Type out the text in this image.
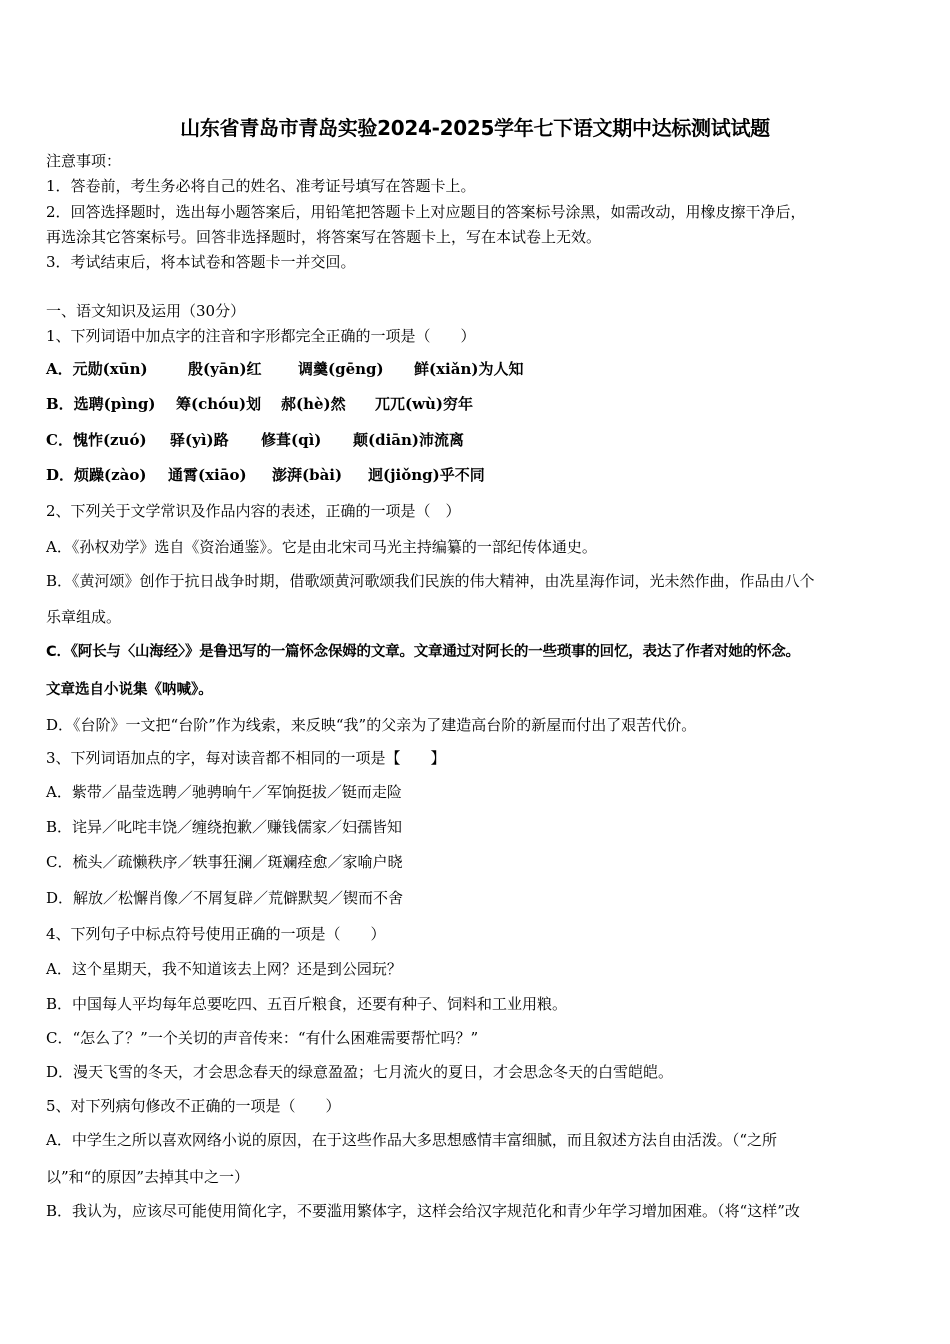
山东省青岛市青岛实验2024-2025学年七下语文期中达标测试试题
注意事项：
1．答卷前，考生务必将自己的姓名、准考证号填写在答题卡上。
2．回答选择题时，选出每小题答案后，用铅笔把答题卡上对应题目的答案标号涂黑，如需改动，用橡皮擦干净后，
再选涂其它答案标号。回答非选择题时，将答案写在答题卡上，写在本试卷上无效。
3．考试结束后，将本试卷和答题卡一并交回。
一、语文知识及运用（30分）
1、下列词语中加点字的注音和字形都完全正确的一项是（　　）
A．元勋(xūn)	殷(yān)红 调羹(gēng) 鲜(xiǎn)为人知
B．选聘(pìng) 筹(chóu)划 郝(hè)然 兀兀(wù)穷年
C．愧怍(zuó) 驿(yì)路 修葺(qì) 颠(diān)沛流离
D．烦躁(zào) 通霄(xiāo) 澎湃(bài) 迥(jiǒng)乎不同
2、下列关于文学常识及作品内容的表述，正确的一项是（　）
A．《孙权劝学》选自《资治通鉴》。它是由北宋司马光主持编纂的一部纪传体通史。
B．《黄河颂》创作于抗日战争时期，借歌颂黄河歌颂我们民族的伟大精神，由冼星海作词，光未然作曲，作品由八个
乐章组成。
C．《阿长与〈山海经〉》是鲁迅写的一篇怀念保姆的文章。文章通过对阿长的一些琐事的回忆，表达了作者对她的怀念。
文章选自小说集《呐喊》。
D．《台阶》一文把“台阶”作为线索，来反映“我”的父亲为了建造高台阶的新屋而付出了艰苦代价。
3、下列词语加点的字，每对读音都不相同的一项是【　　】
A．紫带／晶莹选聘／驰骋晌午／军饷挺拔／铤而走险
B．诧异／叱咤丰饶／缠绕抱歉／赚钱儒家／妇孺皆知
C．梳头／疏懒秩序／轶事狂澜／斑斓痊愈／家喻户晓
D．解放／松懈肖像／不屑复辟／荒僻默契／锲而不舍
4、下列句子中标点符号使用正确的一项是（　　）
A．这个星期天，我不知道该去上网？还是到公园玩？
B．中国每人平均每年总要吃四、五百斤粮食，还要有种子、饲料和工业用粮。
C．“怎么了？”一个关切的声音传来：“有什么困难需要帮忙吗？”
D．漫天飞雪的冬天，才会思念春天的绿意盈盈；七月流火的夏日，才会思念冬天的白雪皑皑。
5、对下列病句修改不正确的一项是（　　）
A．中学生之所以喜欢网络小说的原因，在于这些作品大多思想感情丰富细腻，而且叙述方法自由活泼。（“之所
以”和“的原因”去掉其中之一）
B．我认为，应该尽可能使用简化字，不要滥用繁体字，这样会给汉字规范化和青少年学习增加困难。（将“这样”改
